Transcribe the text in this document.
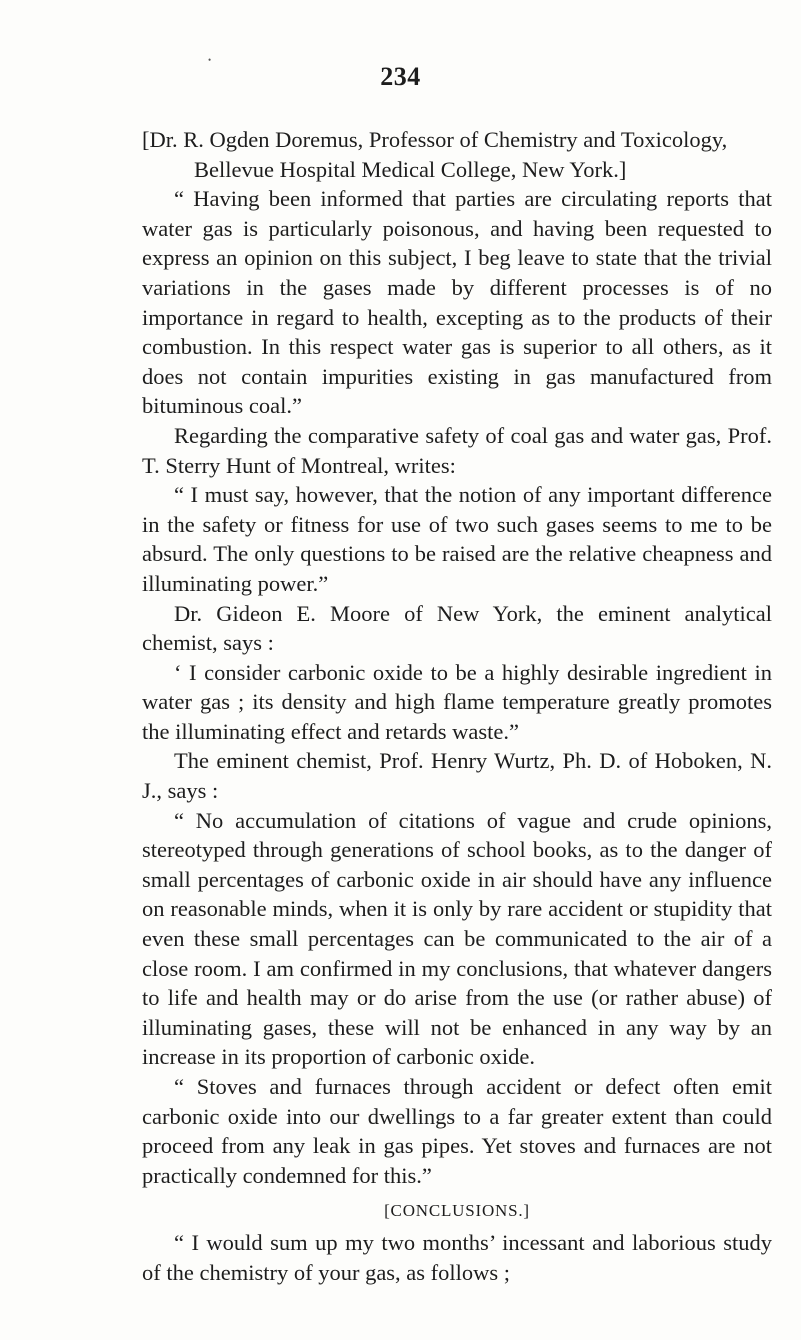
•
234

[Dr. R. Ogden Doremus, Professor of Chemistry and Toxicology, Bellevue Hospital Medical College, New York.]

“ Having been informed that parties are circulating reports that water gas is particularly poisonous, and having been requested to express an opinion on this subject, I beg leave to state that the trivial variations in the gases made by different processes is of no importance in regard to health, excepting as to the products of their combustion. In this respect water gas is superior to all others, as it does not contain impurities existing in gas manufactured from bituminous coal.”

Regarding the comparative safety of coal gas and water gas, Prof. T. Sterry Hunt of Montreal, writes:

“ I must say, however, that the notion of any important difference in the safety or fitness for use of two such gases seems to me to be absurd. The only questions to be raised are the relative cheapness and illuminating power.”

Dr. Gideon E. Moore of New York, the eminent analytical chemist, says :

‘ I consider carbonic oxide to be a highly desirable ingredient in water gas ; its density and high flame temperature greatly promotes the illuminating effect and retards waste.”

The eminent chemist, Prof. Henry Wurtz, Ph. D. of Hoboken, N. J., says :

“ No accumulation of citations of vague and crude opinions, stereotyped through generations of school books, as to the danger of small percentages of carbonic oxide in air should have any influence on reasonable minds, when it is only by rare accident or stupidity that even these small percentages can be communicated to the air of a close room. I am confirmed in my conclusions, that whatever dangers to life and health may or do arise from the use (or rather abuse) of illuminating gases, these will not be enhanced in any way by an increase in its proportion of carbonic oxide.

“ Stoves and furnaces through accident or defect often emit carbonic oxide into our dwellings to a far greater extent than could proceed from any leak in gas pipes. Yet stoves and furnaces are not practically condemned for this.”

[CONCLUSIONS.]

“ I would sum up my two months’ incessant and laborious study of the chemistry of your gas, as follows ;
